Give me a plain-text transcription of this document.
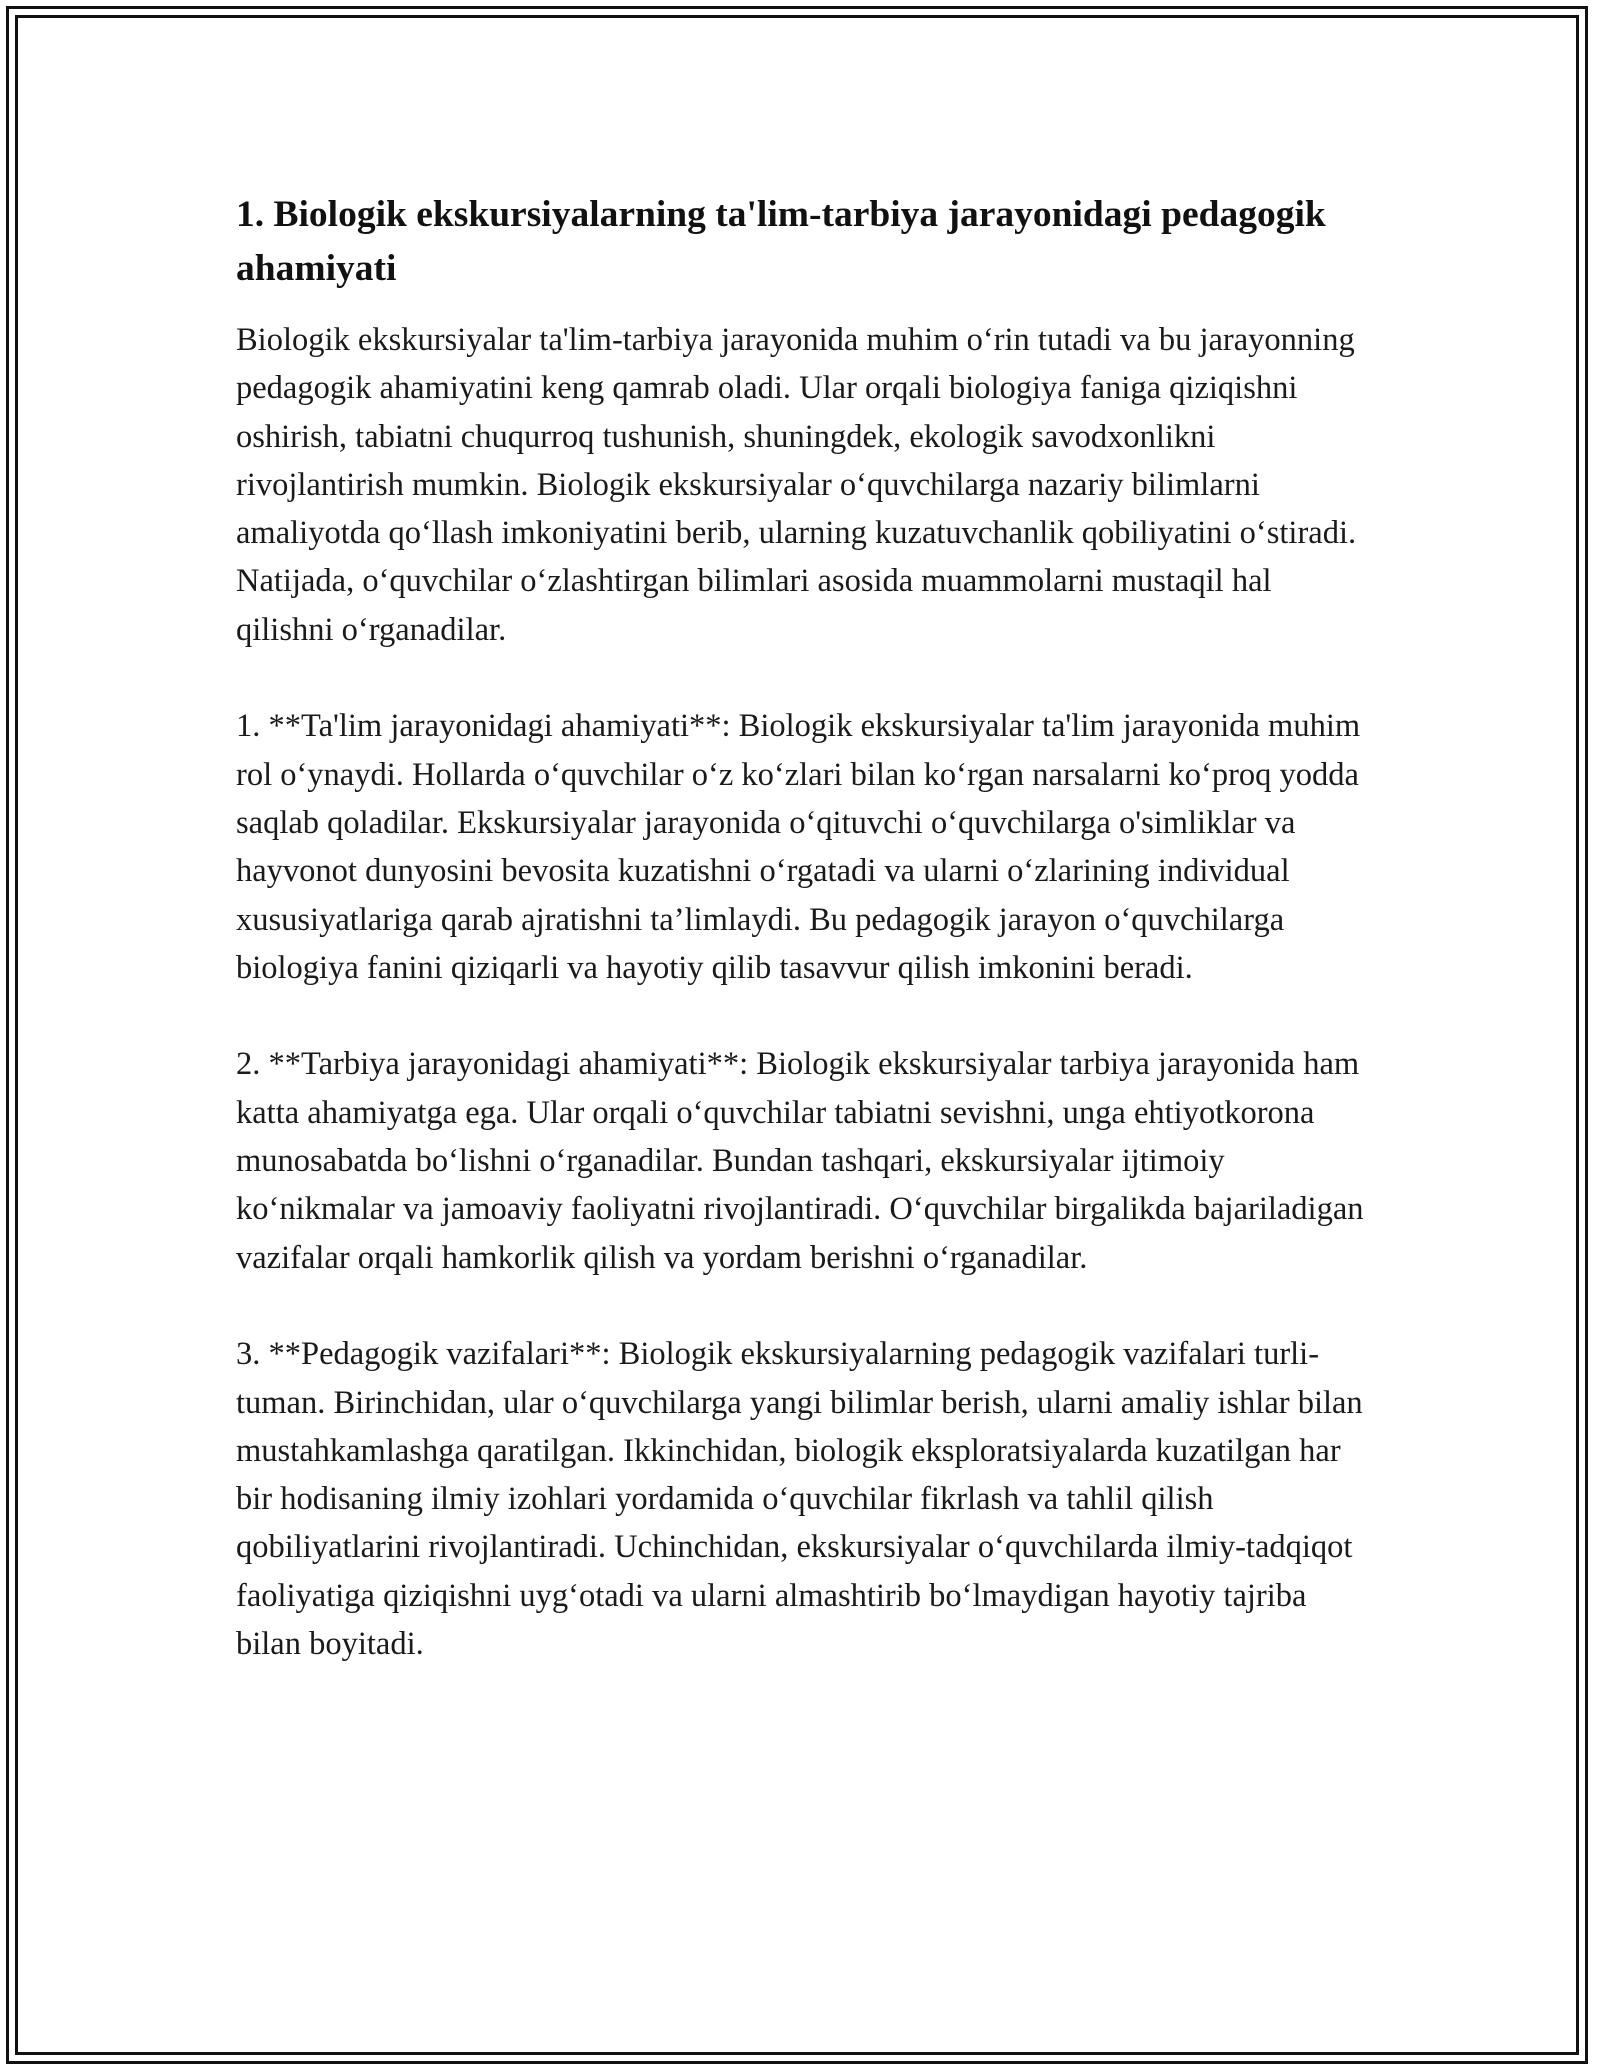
1. Biologik ekskursiyalarning ta'lim-tarbiya jarayonidagi pedagogik ahamiyati

Biologik ekskursiyalar ta'lim-tarbiya jarayonida muhim o‘rin tutadi va bu jarayonning pedagogik ahamiyatini keng qamrab oladi. Ular orqali biologiya faniga qiziqishni oshirish, tabiatni chuqurroq tushunish, shuningdek, ekologik savodxonlikni rivojlantirish mumkin. Biologik ekskursiyalar o‘quvchilarga nazariy bilimlarni amaliyotda qo‘llash imkoniyatini berib, ularning kuzatuvchanlik qobiliyatini o‘stiradi. Natijada, o‘quvchilar o‘zlashtirgan bilimlari asosida muammolarni mustaqil hal qilishni o‘rganadilar.

1. **Ta'lim jarayonidagi ahamiyati**: Biologik ekskursiyalar ta'lim jarayonida muhim rol o‘ynaydi. Hollarda o‘quvchilar o‘z ko‘zlari bilan ko‘rgan narsalarni ko‘proq yodda saqlab qoladilar. Ekskursiyalar jarayonida o‘qituvchi o‘quvchilarga o'simliklar va hayvonot dunyosini bevosita kuzatishni o‘rgatadi va ularni o‘zlarining individual xususiyatlariga qarab ajratishni ta’limlaydi. Bu pedagogik jarayon o‘quvchilarga biologiya fanini qiziqarli va hayotiy qilib tasavvur qilish imkonini beradi.

2. **Tarbiya jarayonidagi ahamiyati**: Biologik ekskursiyalar tarbiya jarayonida ham katta ahamiyatga ega. Ular orqali o‘quvchilar tabiatni sevishni, unga ehtiyotkorona munosabatda bo‘lishni o‘rganadilar. Bundan tashqari, ekskursiyalar ijtimoiy ko‘nikmalar va jamoaviy faoliyatni rivojlantiradi. O‘quvchilar birgalikda bajariladigan vazifalar orqali hamkorlik qilish va yordam berishni o‘rganadilar.

3. **Pedagogik vazifalari**: Biologik ekskursiyalarning pedagogik vazifalari turli-tuman. Birinchidan, ular o‘quvchilarga yangi bilimlar berish, ularni amaliy ishlar bilan mustahkamlashga qaratilgan. Ikkinchidan, biologik eksploratsiyalarda kuzatilgan har bir hodisaning ilmiy izohlari yordamida o‘quvchilar fikrlash va tahlil qilish qobiliyatlarini rivojlantiradi. Uchinchidan, ekskursiyalar o‘quvchilarda ilmiy-tadqiqot faoliyatiga qiziqishni uyg‘otadi va ularni almashtirib bo‘lmaydigan hayotiy tajriba bilan boyitadi.
